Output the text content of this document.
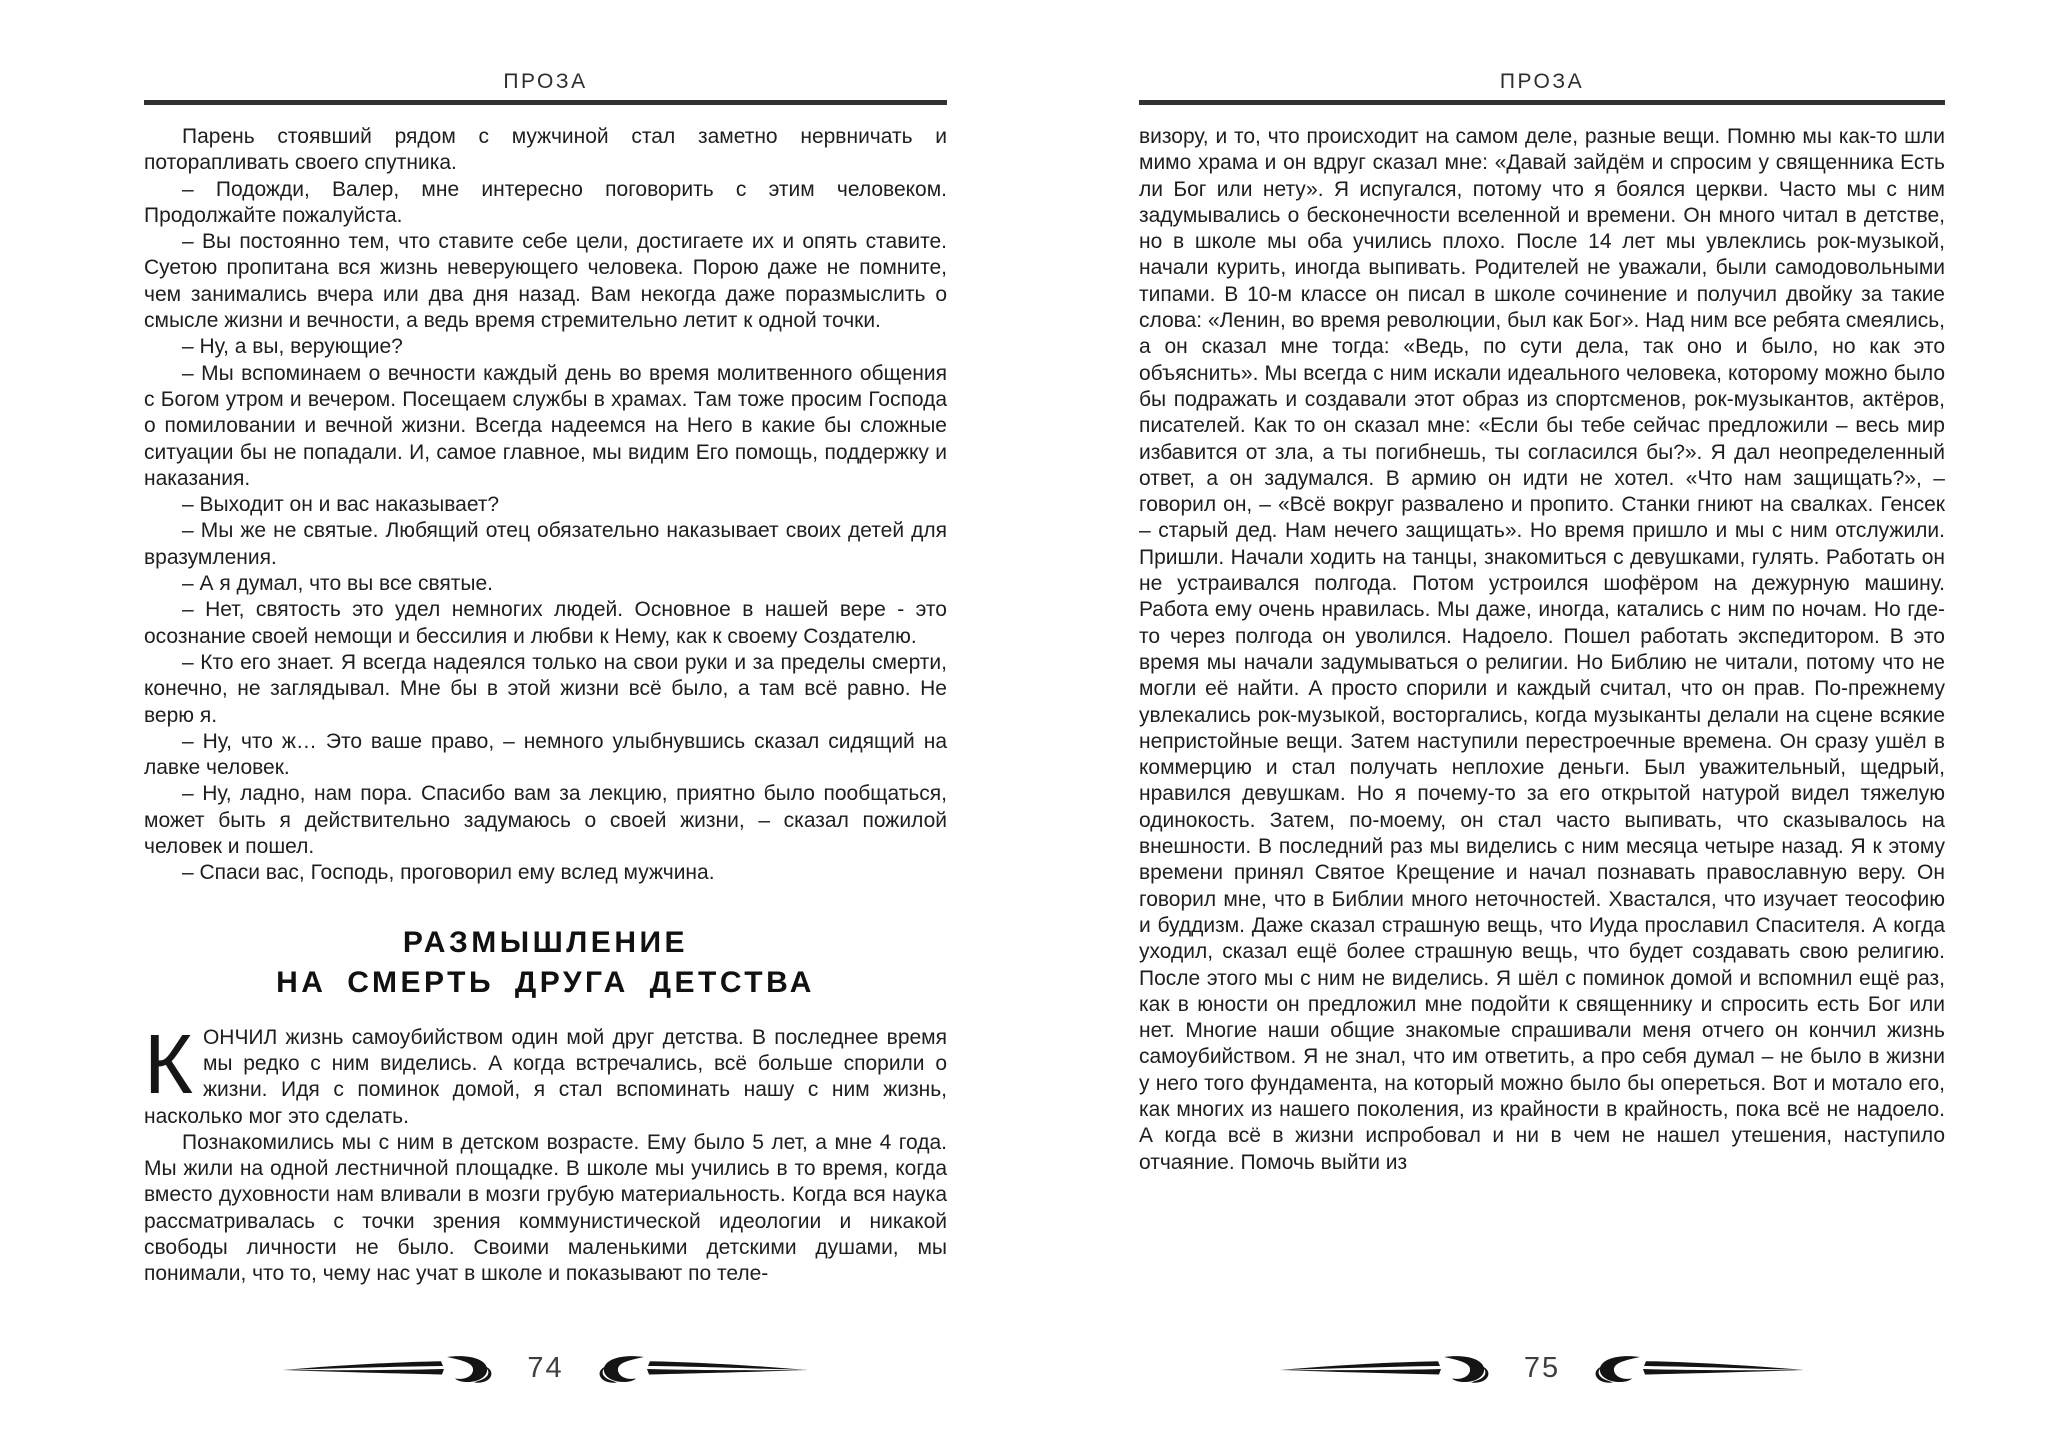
ПРОЗА

Парень стоявший рядом с мужчиной стал заметно нервничать и поторапливать своего спутника.

– Подожди, Валер, мне интересно поговорить с этим человеком. Продолжайте пожалуйста.

– Вы постоянно тем, что ставите себе цели, достигаете их и опять ставите. Суетою пропитана вся жизнь неверующего человека. Порою даже не помните, чем занимались вчера или два дня назад. Вам некогда даже поразмыслить о смысле жизни и вечности, а ведь время стремительно летит к одной точки.

– Ну, а вы, верующие?

– Мы вспоминаем о вечности каждый день во время молитвенного общения с Богом утром и вечером. Посещаем службы в храмах. Там тоже просим Господа о помиловании и вечной жизни. Всегда надеемся на Него в какие бы сложные ситуации бы не попадали. И, самое главное, мы видим Его помощь, поддержку и наказания.

– Выходит он и вас наказывает?

– Мы же не святые. Любящий отец обязательно наказывает своих детей для вразумления.

– А я думал, что вы все святые.

– Нет, святость это удел немногих людей. Основное в нашей вере - это осознание своей немощи и бессилия и любви к Нему, как к своему Создателю.

– Кто его знает. Я всегда надеялся только на свои руки и за пределы смерти, конечно, не заглядывал. Мне бы в этой жизни всё было, а там всё равно. Не верю я.

– Ну, что ж… Это ваше право, – немного улыбнувшись сказал сидящий на лавке человек.

– Ну, ладно, нам пора. Спасибо вам за лекцию, приятно было пообщаться, может быть я действительно задумаюсь о своей жизни, – сказал пожилой человек и пошел.

– Спаси вас, Господь, проговорил ему вслед мужчина.

РАЗМЫШЛЕНИЕ
НА СМЕРТЬ ДРУГА ДЕТСТВА

КОНЧИЛ жизнь самоубийством один мой друг детства. В последнее время мы редко с ним виделись. А когда встречались, всё больше спорили о жизни. Идя с поминок домой, я стал вспоминать нашу с ним жизнь, насколько мог это сделать.

Познакомились мы с ним в детском возрасте. Ему было 5 лет, а мне 4 года. Мы жили на одной лестничной площадке. В школе мы учились в то время, когда вместо духовности нам вливали в мозги грубую материальность. Когда вся наука рассматривалась с точки зрения коммунистической идеологии и никакой свободы личности не было. Своими маленькими детскими душами, мы понимали, что то, чему нас учат в школе и показывают по теле-

74
ПРОЗА

визору, и то, что происходит на самом деле, разные вещи. Помню мы как-то шли мимо храма и он вдруг сказал мне: «Давай зайдём и спросим у священника Есть ли Бог или нету». Я испугался, потому что я боялся церкви. Часто мы с ним задумывались о бесконечности вселенной и времени. Он много читал в детстве, но в школе мы оба учились плохо. После 14 лет мы увлеклись рок-музыкой, начали курить, иногда выпивать. Родителей не уважали, были самодовольными типами. В 10-м классе он писал в школе сочинение и получил двойку за такие слова: «Ленин, во время революции, был как Бог». Над ним все ребята смеялись, а он сказал мне тогда: «Ведь, по сути дела, так оно и было, но как это объяснить». Мы всегда с ним искали идеального человека, которому можно было бы подражать и создавали этот образ из спортсменов, рок-музыкантов, актёров, писателей. Как то он сказал мне: «Если бы тебе сейчас предложили – весь мир избавится от зла, а ты погибнешь, ты согласился бы?». Я дал неопределенный ответ, а он задумался. В армию он идти не хотел. «Что нам защищать?», – говорил он, – «Всё вокруг развалено и пропито. Станки гниют на свалках. Генсек – старый дед. Нам нечего защищать». Но время пришло и мы с ним отслужили. Пришли. Начали ходить на танцы, знакомиться с девушками, гулять. Работать он не устраивался полгода. Потом устроился шофёром на дежурную машину. Работа ему очень нравилась. Мы даже, иногда, катались с ним по ночам. Но где-то через полгода он уволился. Надоело. Пошел работать экспедитором. В это время мы начали задумываться о религии. Но Библию не читали, потому что не могли её найти. А просто спорили и каждый считал, что он прав. По-прежнему увлекались рок-музыкой, восторгались, когда музыканты делали на сцене всякие непристойные вещи. Затем наступили перестроечные времена. Он сразу ушёл в коммерцию и стал получать неплохие деньги. Был уважительный, щедрый, нравился девушкам. Но я почему-то за его открытой натурой видел тяжелую одинокость. Затем, по-моему, он стал часто выпивать, что сказывалось на внешности. В последний раз мы виделись с ним месяца четыре назад. Я к этому времени принял Святое Крещение и начал познавать православную веру. Он говорил мне, что в Библии много неточностей. Хвастался, что изучает теософию и буддизм. Даже сказал страшную вещь, что Иуда прославил Спасителя. А когда уходил, сказал ещё более страшную вещь, что будет создавать свою религию. После этого мы с ним не виделись. Я шёл с поминок домой и вспомнил ещё раз, как в юности он предложил мне подойти к священнику и спросить есть Бог или нет. Многие наши общие знакомые спрашивали меня отчего он кончил жизнь самоубийством. Я не знал, что им ответить, а про себя думал – не было в жизни у него того фундамента, на который можно было бы опереться. Вот и мотало его, как многих из нашего поколения, из крайности в крайность, пока всё не надоело. А когда всё в жизни испробовал и ни в чем не нашел утешения, наступило отчаяние. Помочь выйти из

75
